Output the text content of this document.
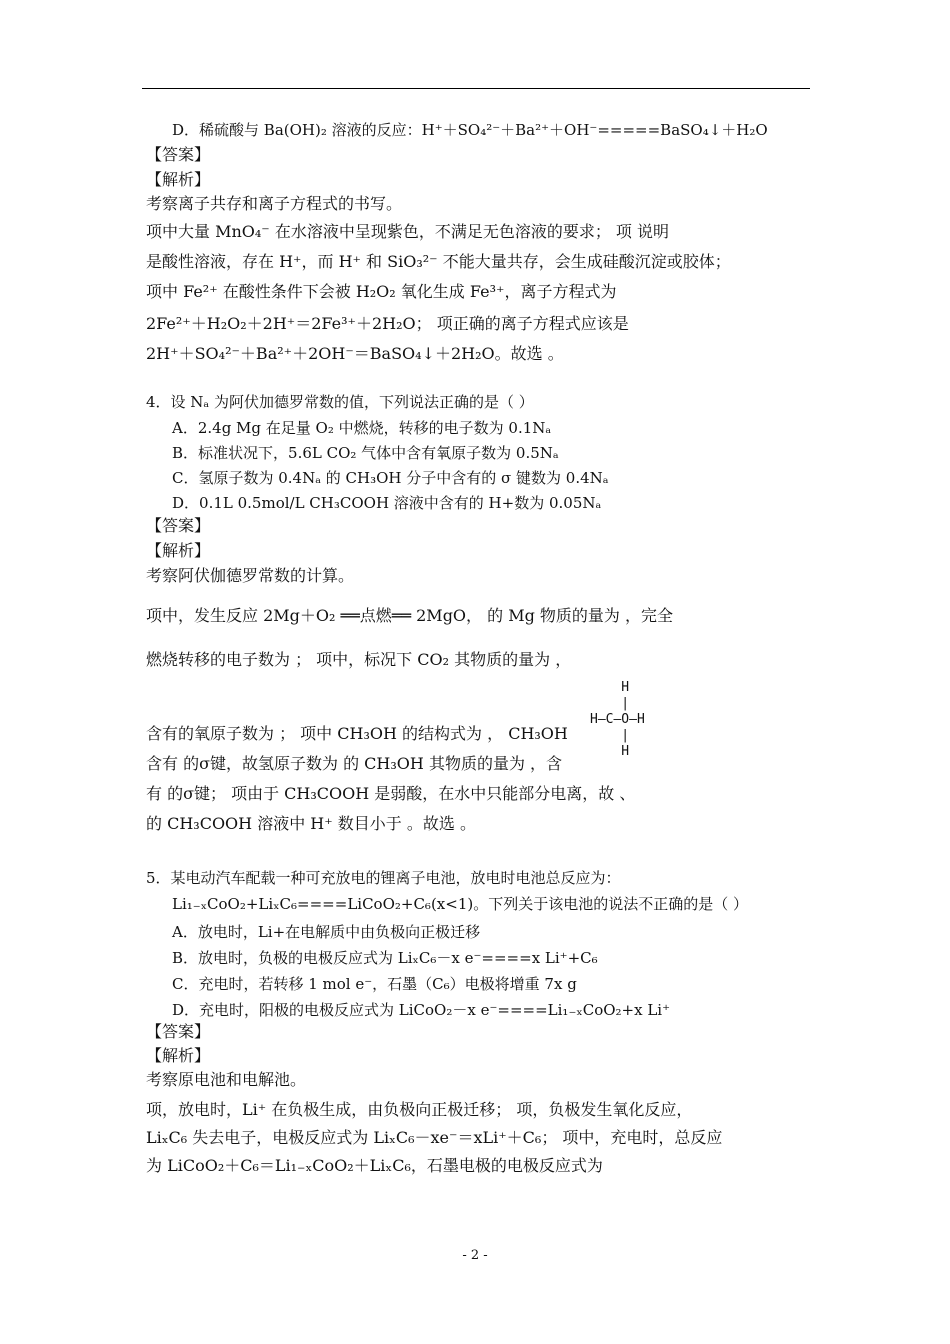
D．稀硫酸与 Ba(OH)₂ 溶液的反应：H⁺＋SO₄²⁻＋Ba²⁺＋OH⁻=====BaSO₄↓＋H₂O
【答案】
【解析】
考察离子共存和离子方程式的书写。
项中大量 MnO₄⁻ 在水溶液中呈现紫色，不满足无色溶液的要求； 项 说明
是酸性溶液，存在 H⁺，而 H⁺ 和 SiO₃²⁻ 不能大量共存，会生成硅酸沉淀或胶体；
项中 Fe²⁺ 在酸性条件下会被 H₂O₂ 氧化生成 Fe³⁺，离子方程式为
2Fe²⁺＋H₂O₂＋2H⁺＝2Fe³⁺＋2H₂O； 项正确的离子方程式应该是
2H⁺＋SO₄²⁻＋Ba²⁺＋2OH⁻＝BaSO₄↓＋2H₂O。故选 。
4．设 Nₐ 为阿伏加德罗常数的值，下列说法正确的是（ ）
A．2.4g Mg 在足量 O₂ 中燃烧，转移的电子数为 0.1Nₐ
B．标准状况下，5.6L CO₂ 气体中含有氧原子数为 0.5Nₐ
C．氢原子数为 0.4Nₐ 的 CH₃OH 分子中含有的 σ 键数为 0.4Nₐ
D．0.1L 0.5mol/L CH₃COOH 溶液中含有的 H+数为 0.05Nₐ
【答案】
【解析】
考察阿伏伽德罗常数的计算。
项中，发生反应 2Mg＋O₂ ══点燃══ 2MgO， 的 Mg 物质的量为 ，完全
燃烧转移的电子数为 ； 项中，标况下 CO₂ 其物质的量为 ，
H
|
H—C—O—H
|
H
含有的氧原子数为 ； 项中 CH₃OH 的结构式为 ， CH₃OH
含有 的σ键，故氢原子数为 的 CH₃OH 其物质的量为 ，含
有 的σ键； 项由于 CH₃COOH 是弱酸，在水中只能部分电离，故 、
的 CH₃COOH 溶液中 H⁺ 数目小于 。故选 。
5．某电动汽车配载一种可充放电的锂离子电池，放电时电池总反应为：
Li₁₋ₓCoO₂+LiₓC₆====LiCoO₂+C₆(x<1)。下列关于该电池的说法不正确的是（ ）
A．放电时，Li+在电解质中由负极向正极迁移
B．放电时，负极的电极反应式为 LiₓC₆－x e⁻====x Li⁺+C₆
C．充电时，若转移 1 mol e⁻，石墨（C₆）电极将增重 7x g
D．充电时，阳极的电极反应式为 LiCoO₂－x e⁻====Li₁₋ₓCoO₂+x Li⁺
【答案】
【解析】
考察原电池和电解池。
项，放电时，Li⁺ 在负极生成，由负极向正极迁移； 项，负极发生氧化反应，
LiₓC₆ 失去电子，电极反应式为 LiₓC₆－xe⁻＝xLi⁺＋C₆； 项中，充电时，总反应
为 LiCoO₂＋C₆＝Li₁₋ₓCoO₂＋LiₓC₆，石墨电极的电极反应式为
- 2 -
